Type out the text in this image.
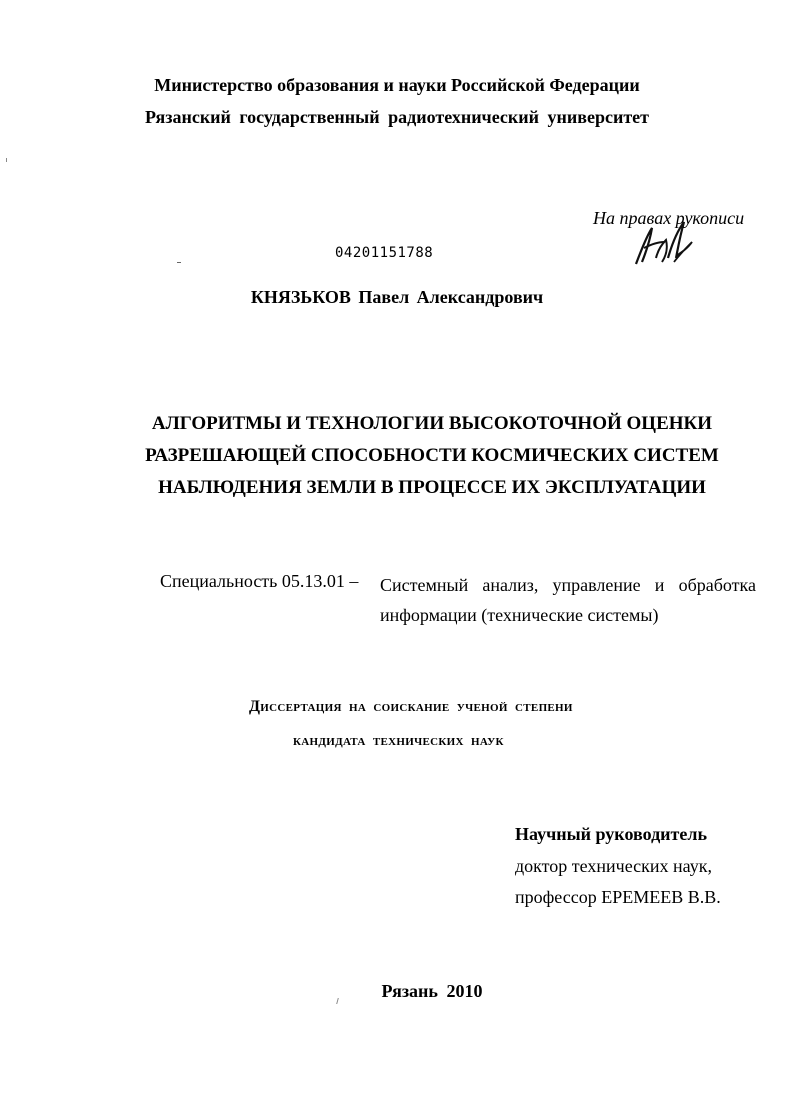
Министерство образования и науки Российской Федерации
Рязанский государственный радиотехнический университет
На правах рукописи
04201151788
КНЯЗЬКОВ Павел Александрович
АЛГОРИТМЫ И ТЕХНОЛОГИИ ВЫСОКОТОЧНОЙ ОЦЕНКИ
РАЗРЕШАЮЩЕЙ СПОСОБНОСТИ КОСМИЧЕСКИХ СИСТЕМ
НАБЛЮДЕНИЯ ЗЕМЛИ В ПРОЦЕССЕ ИХ ЭКСПЛУАТАЦИИ
Специальность 05.13.01 – Системный анализ, управление и обработка
информации (технические системы)
Диссертация на соискание ученой степени
кандидата технических наук
Научный руководитель
доктор технических наук,
профессор ЕРЕМЕЕВ В.В.
Рязань 2010
